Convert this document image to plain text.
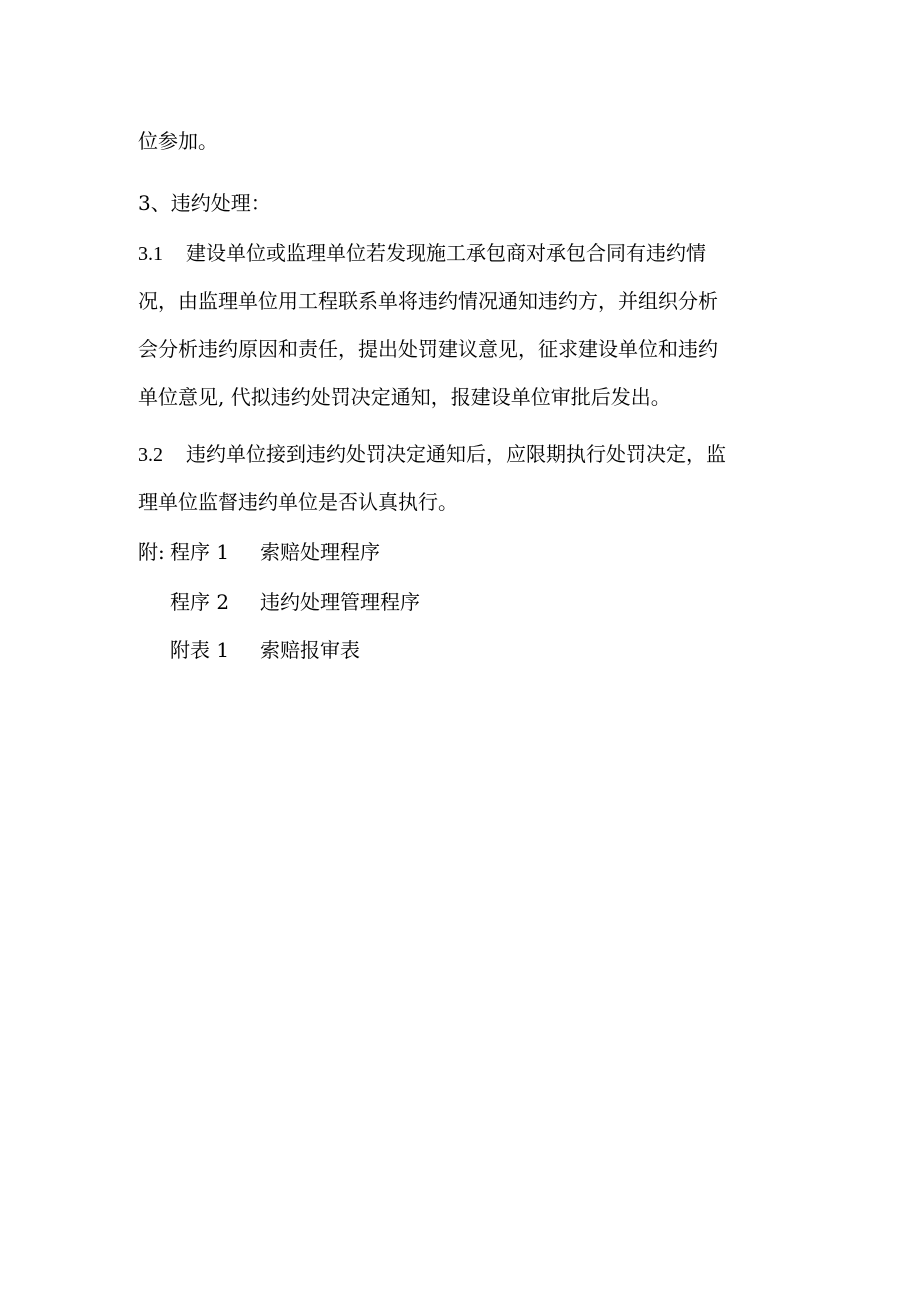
位参加。
3、违约处理：
3.1 建设单位或监理单位若发现施工承包商对承包合同有违约情
况，由监理单位用工程联系单将违约情况通知违约方，并组织分析
会分析违约原因和责任，提出处罚建议意见，征求建设单位和违约
单位意见, 代拟违约处罚决定通知，报建设单位审批后发出。
3.2 违约单位接到违约处罚决定通知后，应限期执行处罚决定，监
理单位监督违约单位是否认真执行。
附: 程序 1 索赔处理程序
程序 2 违约处理管理程序
附表 1 索赔报审表
